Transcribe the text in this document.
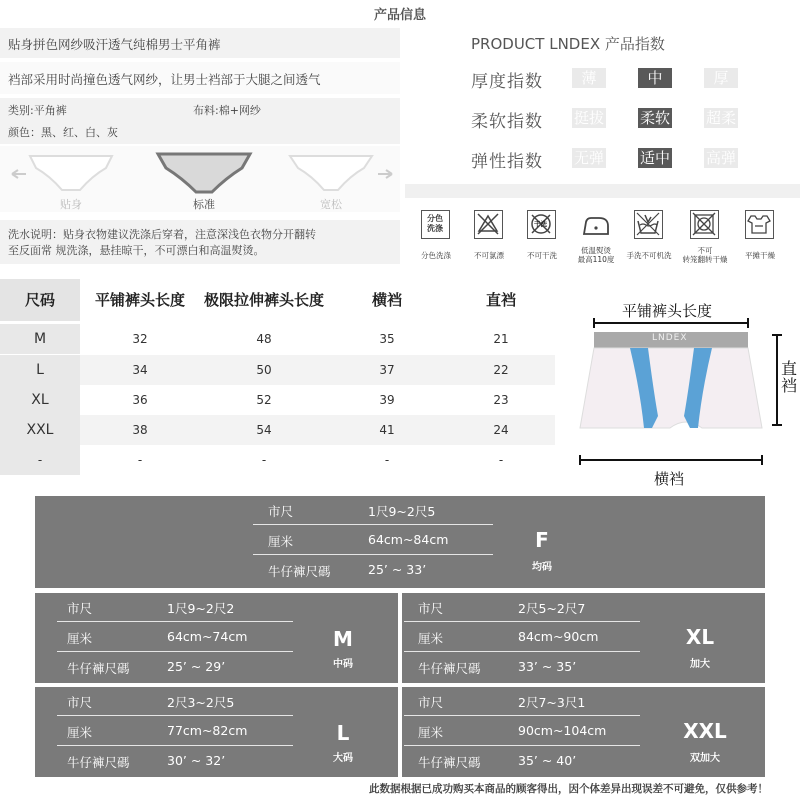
产品信息
贴身拼色网纱吸汗透气纯棉男士平角裤
裆部采用时尚撞色透气网纱，让男士裆部于大腿之间透气
类别:平角裤	布料:棉+网纱
颜色：黑、红、白、灰
贴身	标准	宽松
洗水说明：贴身衣物建议洗涤后穿着，注意深浅色衣物分开翻转
至反面常 规洗涤，悬挂晾干，不可漂白和高温熨烫。
PRODUCT LNDEX 产品指数
厚度指数	薄	中	厚
柔软指数 挺拔 柔软 超柔
弹性指数 无弹 适中 高弹
分色
洗涤
分色洗涤	不可氯漂
干洗
不可干洗
低温熨烫
最高110度	手洗不可机洗
不可
转笼翻转干燥	平摊干燥
尺码	平铺裤头长度	极限拉伸裤头长度	横裆	直裆
M	32	48	35	21
L	34	50	37	22
XL	36	52	39	23
XXL	38	54	41	24
-	-	-	-	-
平铺裤头长度
LNDEX
直
裆
横裆
市尺	1尺9~2尺5
厘米	64cm~84cm
牛仔褲尺碼	25’ ~ 33’
F
均码
市尺	1尺9~2尺2
厘米	64cm~74cm
牛仔褲尺碼	25’ ~ 29’
M
中码
市尺	2尺5~2尺7
厘米	84cm~90cm
牛仔褲尺碼	33’ ~ 35’
XL
加大
市尺	2尺3~2尺5
厘米	77cm~82cm
牛仔褲尺碼	30’ ~ 32’
L
大码
市尺	2尺7~3尺1
厘米	90cm~104cm
牛仔褲尺碼	35’ ~ 40’
XXL
双加大
此数据根据已成功购买本商品的顾客得出，因个体差异出现误差不可避免，仅供参考！
